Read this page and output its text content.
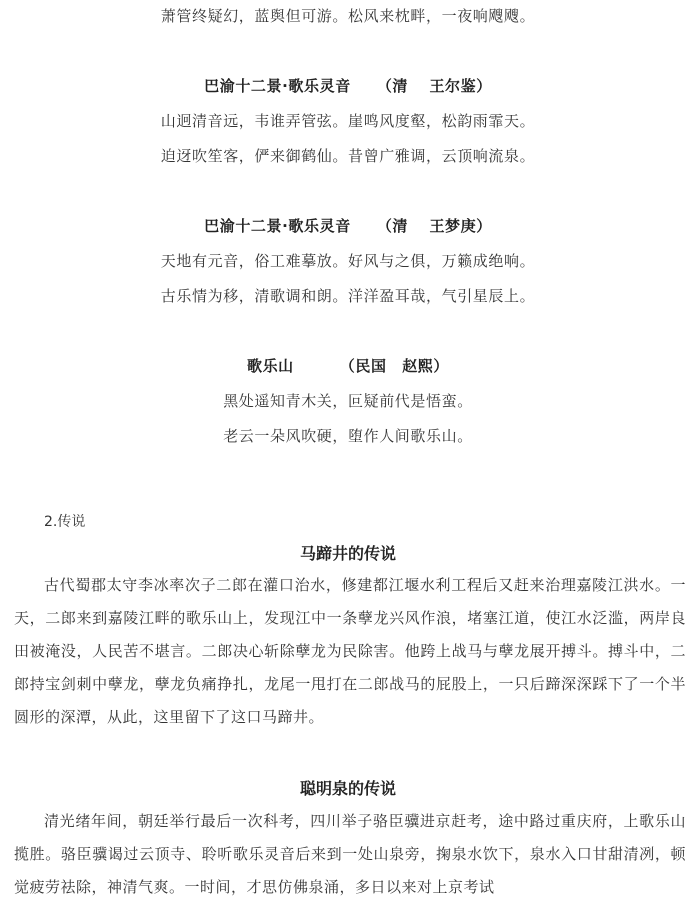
萧管终疑幻，蓝舆但可游。松风来枕畔，一夜响飕飕。
巴渝十二景·歌乐灵音 （清　 王尔鉴）
山迥清音远，韦谁弄管弦。崖鸣风度壑，松韵雨霏天。
迫迓吹笙客，俨来御鹤仙。昔曾广雅调，云顶响流泉。
巴渝十二景·歌乐灵音 （清　 王梦庚）
天地有元音，俗工难摹放。好风与之俱，万籁成绝响。
古乐情为移，清歌调和朗。洋洋盈耳哉，气引星辰上。
歌乐山	（民国　赵熙）
黑处遥知青木关，叵疑前代是悟蛮。
老云一朵风吹硬，堕作人间歌乐山。
2.传说
马蹄井的传说

古代蜀郡太守李冰率次子二郎在灌口治水，修建都江堰水利工程后又赶来治理嘉陵江洪水。一天，二郎来到嘉陵江畔的歌乐山上，发现江中一条孽龙兴风作浪，堵塞江道，使江水泛滥，两岸良田被淹没，人民苦不堪言。二郎决心斩除孽龙为民除害。他跨上战马与孽龙展开搏斗。搏斗中，二郎持宝剑刺中孽龙，孽龙负痛挣扎，龙尾一甩打在二郎战马的屁股上，一只后蹄深深踩下了一个半圆形的深潭，从此，这里留下了这口马蹄井。

聪明泉的传说

清光绪年间，朝廷举行最后一次科考，四川举子骆臣骥进京赶考，途中路过重庆府，上歌乐山揽胜。骆臣骥谒过云顶寺、聆听歌乐灵音后来到一处山泉旁，掬泉水饮下，泉水入口甘甜清冽，顿觉疲劳祛除，神清气爽。一时间，才思仿佛泉涌，多日以来对上京考试
